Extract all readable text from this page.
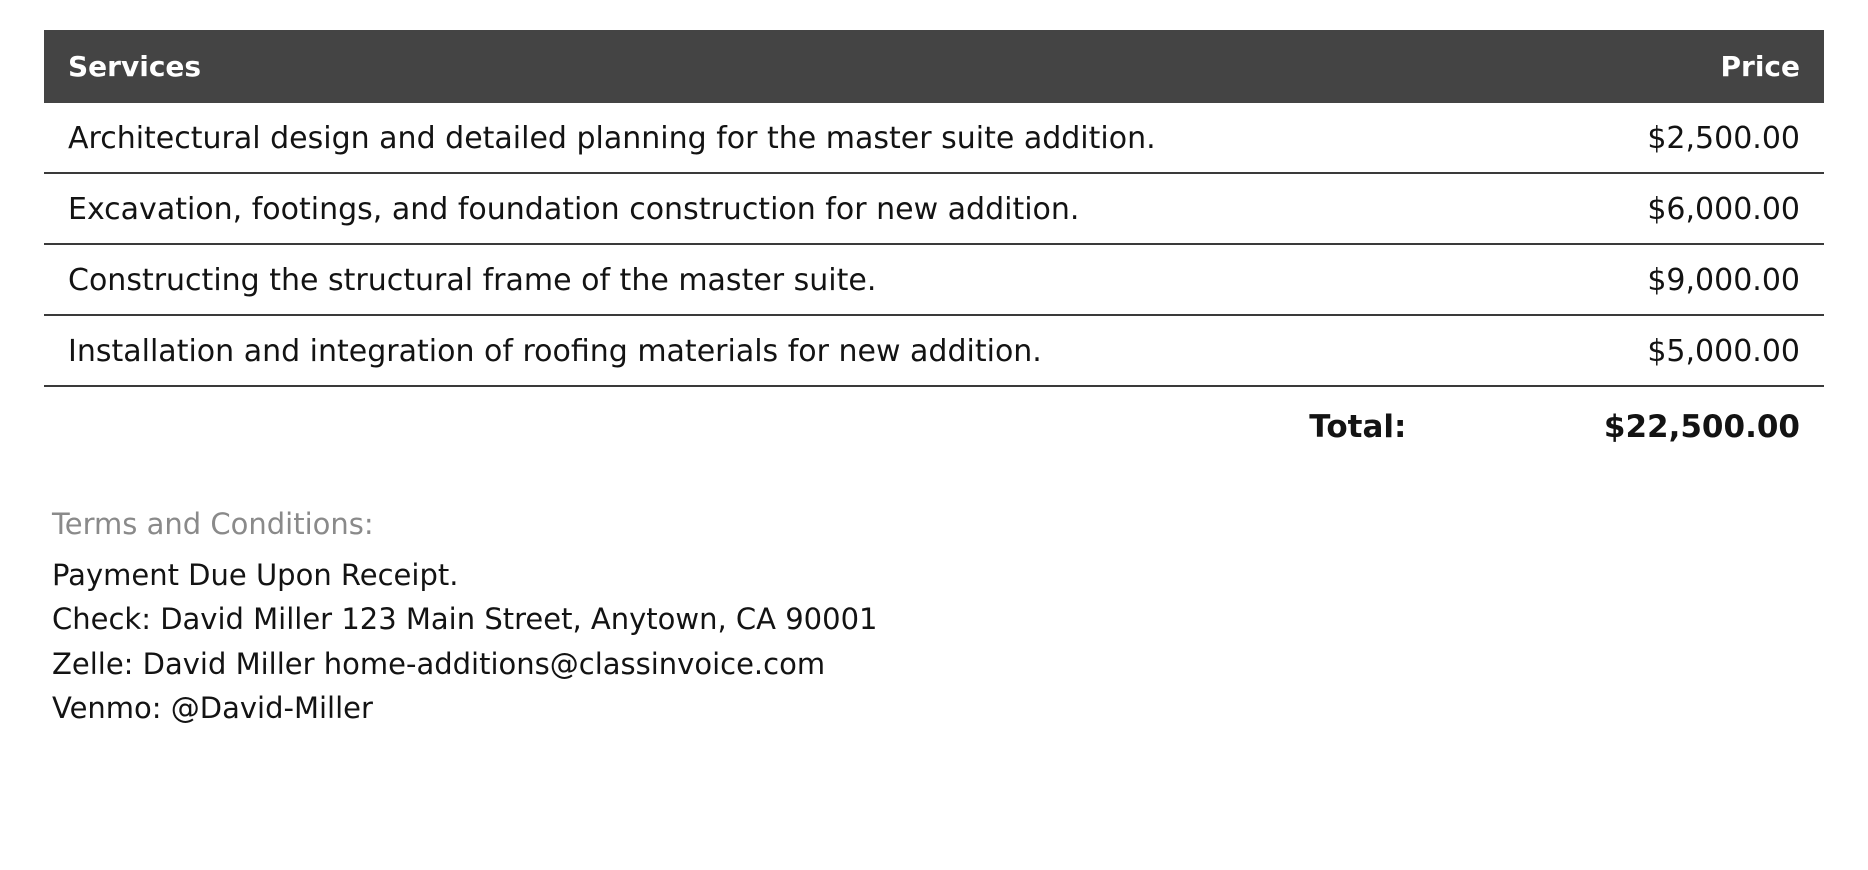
Services	Price
Architectural design and detailed planning for the master suite addition.	$2,500.00
Excavation, footings, and foundation construction for new addition.	$6,000.00
Constructing the structural frame of the master suite.	$9,000.00
Installation and integration of roofing materials for new addition.	$5,000.00
Total:	$22,500.00
Terms and Conditions:
Payment Due Upon Receipt.
Check: David Miller 123 Main Street, Anytown, CA 90001
Zelle: David Miller home-additions@classinvoice.com
Venmo: @David-Miller
